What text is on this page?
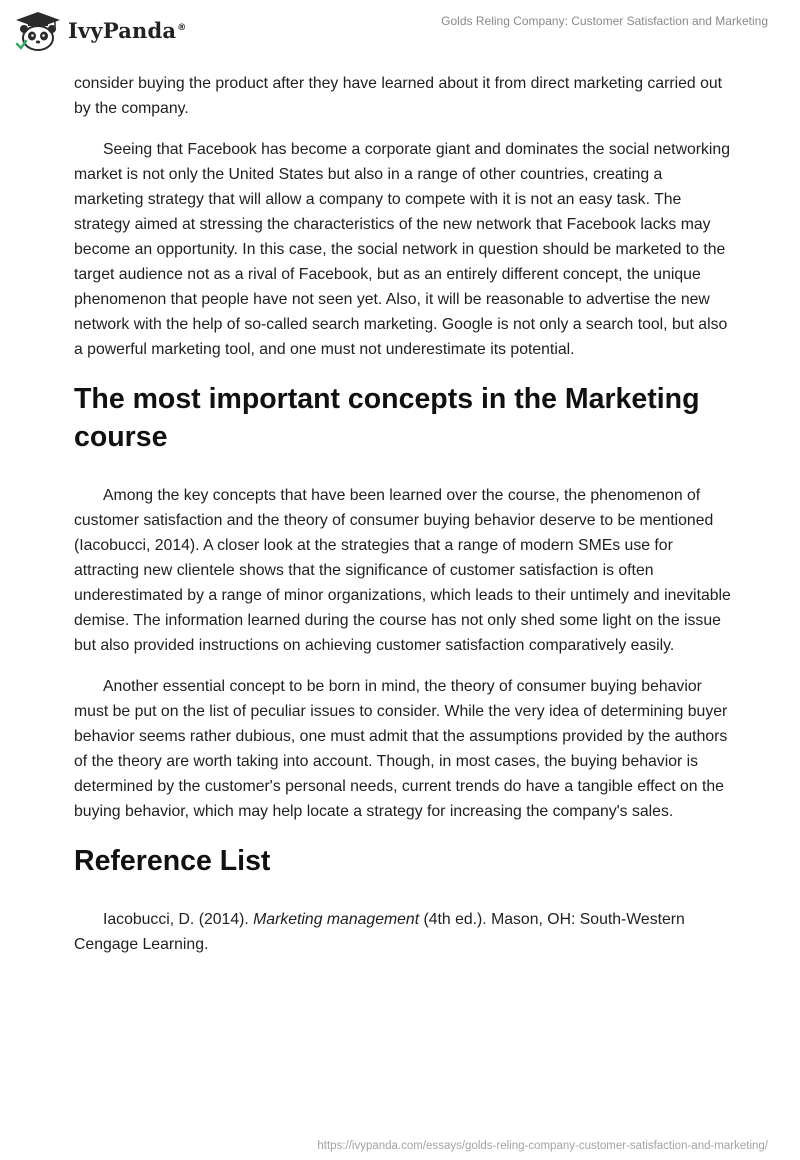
IvyPanda®	Golds Reling Company: Customer Satisfaction and Marketing

consider buying the product after they have learned about it from direct marketing carried out by the company.

Seeing that Facebook has become a corporate giant and dominates the social networking market is not only the United States but also in a range of other countries, creating a marketing strategy that will allow a company to compete with it is not an easy task. The strategy aimed at stressing the characteristics of the new network that Facebook lacks may become an opportunity. In this case, the social network in question should be marketed to the target audience not as a rival of Facebook, but as an entirely different concept, the unique phenomenon that people have not seen yet. Also, it will be reasonable to advertise the new network with the help of so-called search marketing. Google is not only a search tool, but also a powerful marketing tool, and one must not underestimate its potential.

The most important concepts in the Marketing course

Among the key concepts that have been learned over the course, the phenomenon of customer satisfaction and the theory of consumer buying behavior deserve to be mentioned (Iacobucci, 2014). A closer look at the strategies that a range of modern SMEs use for attracting new clientele shows that the significance of customer satisfaction is often underestimated by a range of minor organizations, which leads to their untimely and inevitable demise. The information learned during the course has not only shed some light on the issue but also provided instructions on achieving customer satisfaction comparatively easily.

Another essential concept to be born in mind, the theory of consumer buying behavior must be put on the list of peculiar issues to consider. While the very idea of determining buyer behavior seems rather dubious, one must admit that the assumptions provided by the authors of the theory are worth taking into account. Though, in most cases, the buying behavior is determined by the customer's personal needs, current trends do have a tangible effect on the buying behavior, which may help locate a strategy for increasing the company's sales.

Reference List

Iacobucci, D. (2014). Marketing management (4th ed.). Mason, OH: South-Western Cengage Learning.

https://ivypanda.com/essays/golds-reling-company-customer-satisfaction-and-marketing/
